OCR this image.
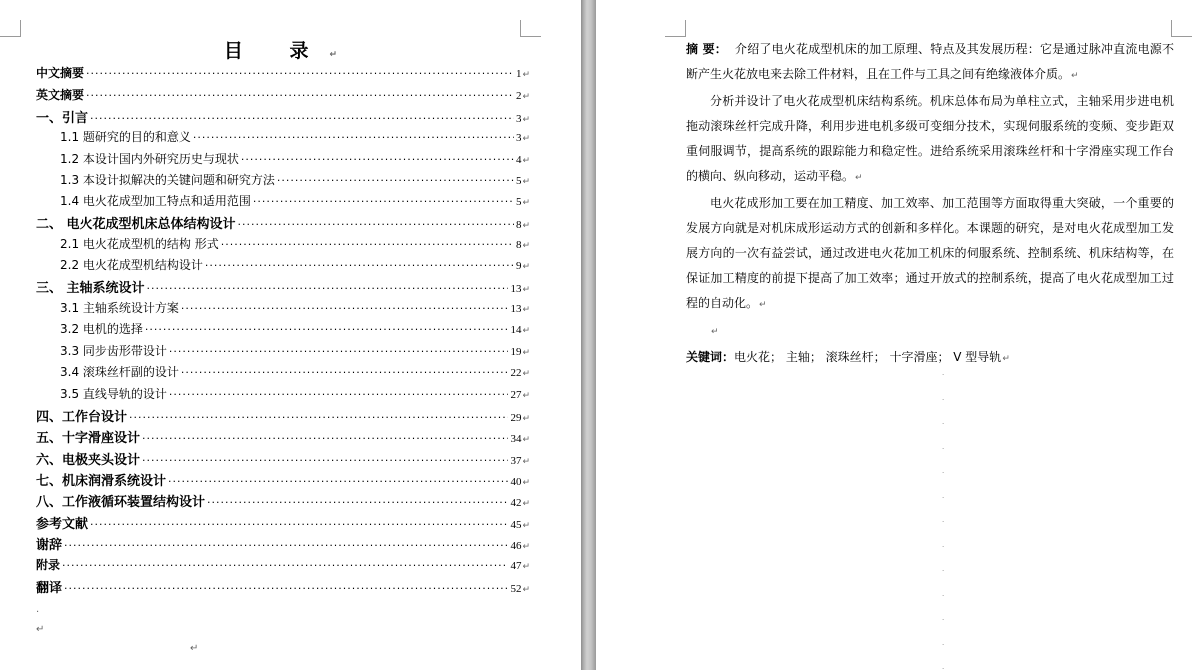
目 录↵
中文摘要 ·····	1 ↵
英文摘要 ·····	2 ↵
一、引言 ·····	3 ↵
1.1 题研究的目的和意义 ·····	3 ↵
1.2 本设计国内外研究历史与现状 ·····	4 ↵
1.3 本设计拟解决的关键问题和研究方法 ·····	5 ↵
1.4 电火花成型加工特点和适用范围 ·····	5 ↵
二、 电火花成型机床总体结构设计 ·····	8 ↵
2.1 电火花成型机的结构 形式 ·····	8 ↵
2.2 电火花成型机结构设计 ·····	9 ↵
三、 主轴系统设计 ·····	13 ↵
3.1 主轴系统设计方案 ·····	13 ↵
3.2 电机的选择 ·····	14 ↵
3.3 同步齿形带设计 ·····	19 ↵
3.4 滚珠丝杆副的设计 ·····	22 ↵
3.5 直线导轨的设计 ·····	27 ↵
四、工作台设计 ·····	29 ↵
五、十字滑座设计 ·····	34 ↵
六、电极夹头设计 ·····	37 ↵
七、机床润滑系统设计 ·····	40 ↵
八、工作液循环装置结构设计 ·····	42 ↵
参考文献 ·····	45 ↵
谢辞 ·····	46 ↵
附录 ·····	47 ↵
翻译 ·····	52 ↵
.
↵
↵

摘 要： 介绍了电火花成型机床的加工原理、特点及其发展历程：它是通过脉冲直流电源不断产生火花放电来去除工件材料，且在工件与工具之间有绝缘液体介质。↵

分析并设计了电火花成型机床结构系统。机床总体布局为单柱立式，主轴采用步进电机拖动滚珠丝杆完成升降，利用步进电机多级可变细分技术，实现伺服系统的变频、变步距双重伺服调节，提高系统的跟踪能力和稳定性。进给系统采用滚珠丝杆和十字滑座实现工作台的横向、纵向移动，运动平稳。↵

电火花成形加工要在加工精度、加工效率、加工范围等方面取得重大突破，一个重要的发展方向就是对机床成形运动方式的创新和多样化。本课题的研究，是对电火花成型加工发展方向的一次有益尝试，通过改进电火花加工机床的伺服系统、控制系统、机床结构等，在保证加工精度的前提下提高了加工效率；通过开放式的控制系统，提高了电火花成型加工过程的自动化。↵

↵

关键词：电火花； 主轴； 滚珠丝杆； 十字滑座； V 型导轨↵

.
.
.
.
.
.
.
.
.
.
.
.
.
